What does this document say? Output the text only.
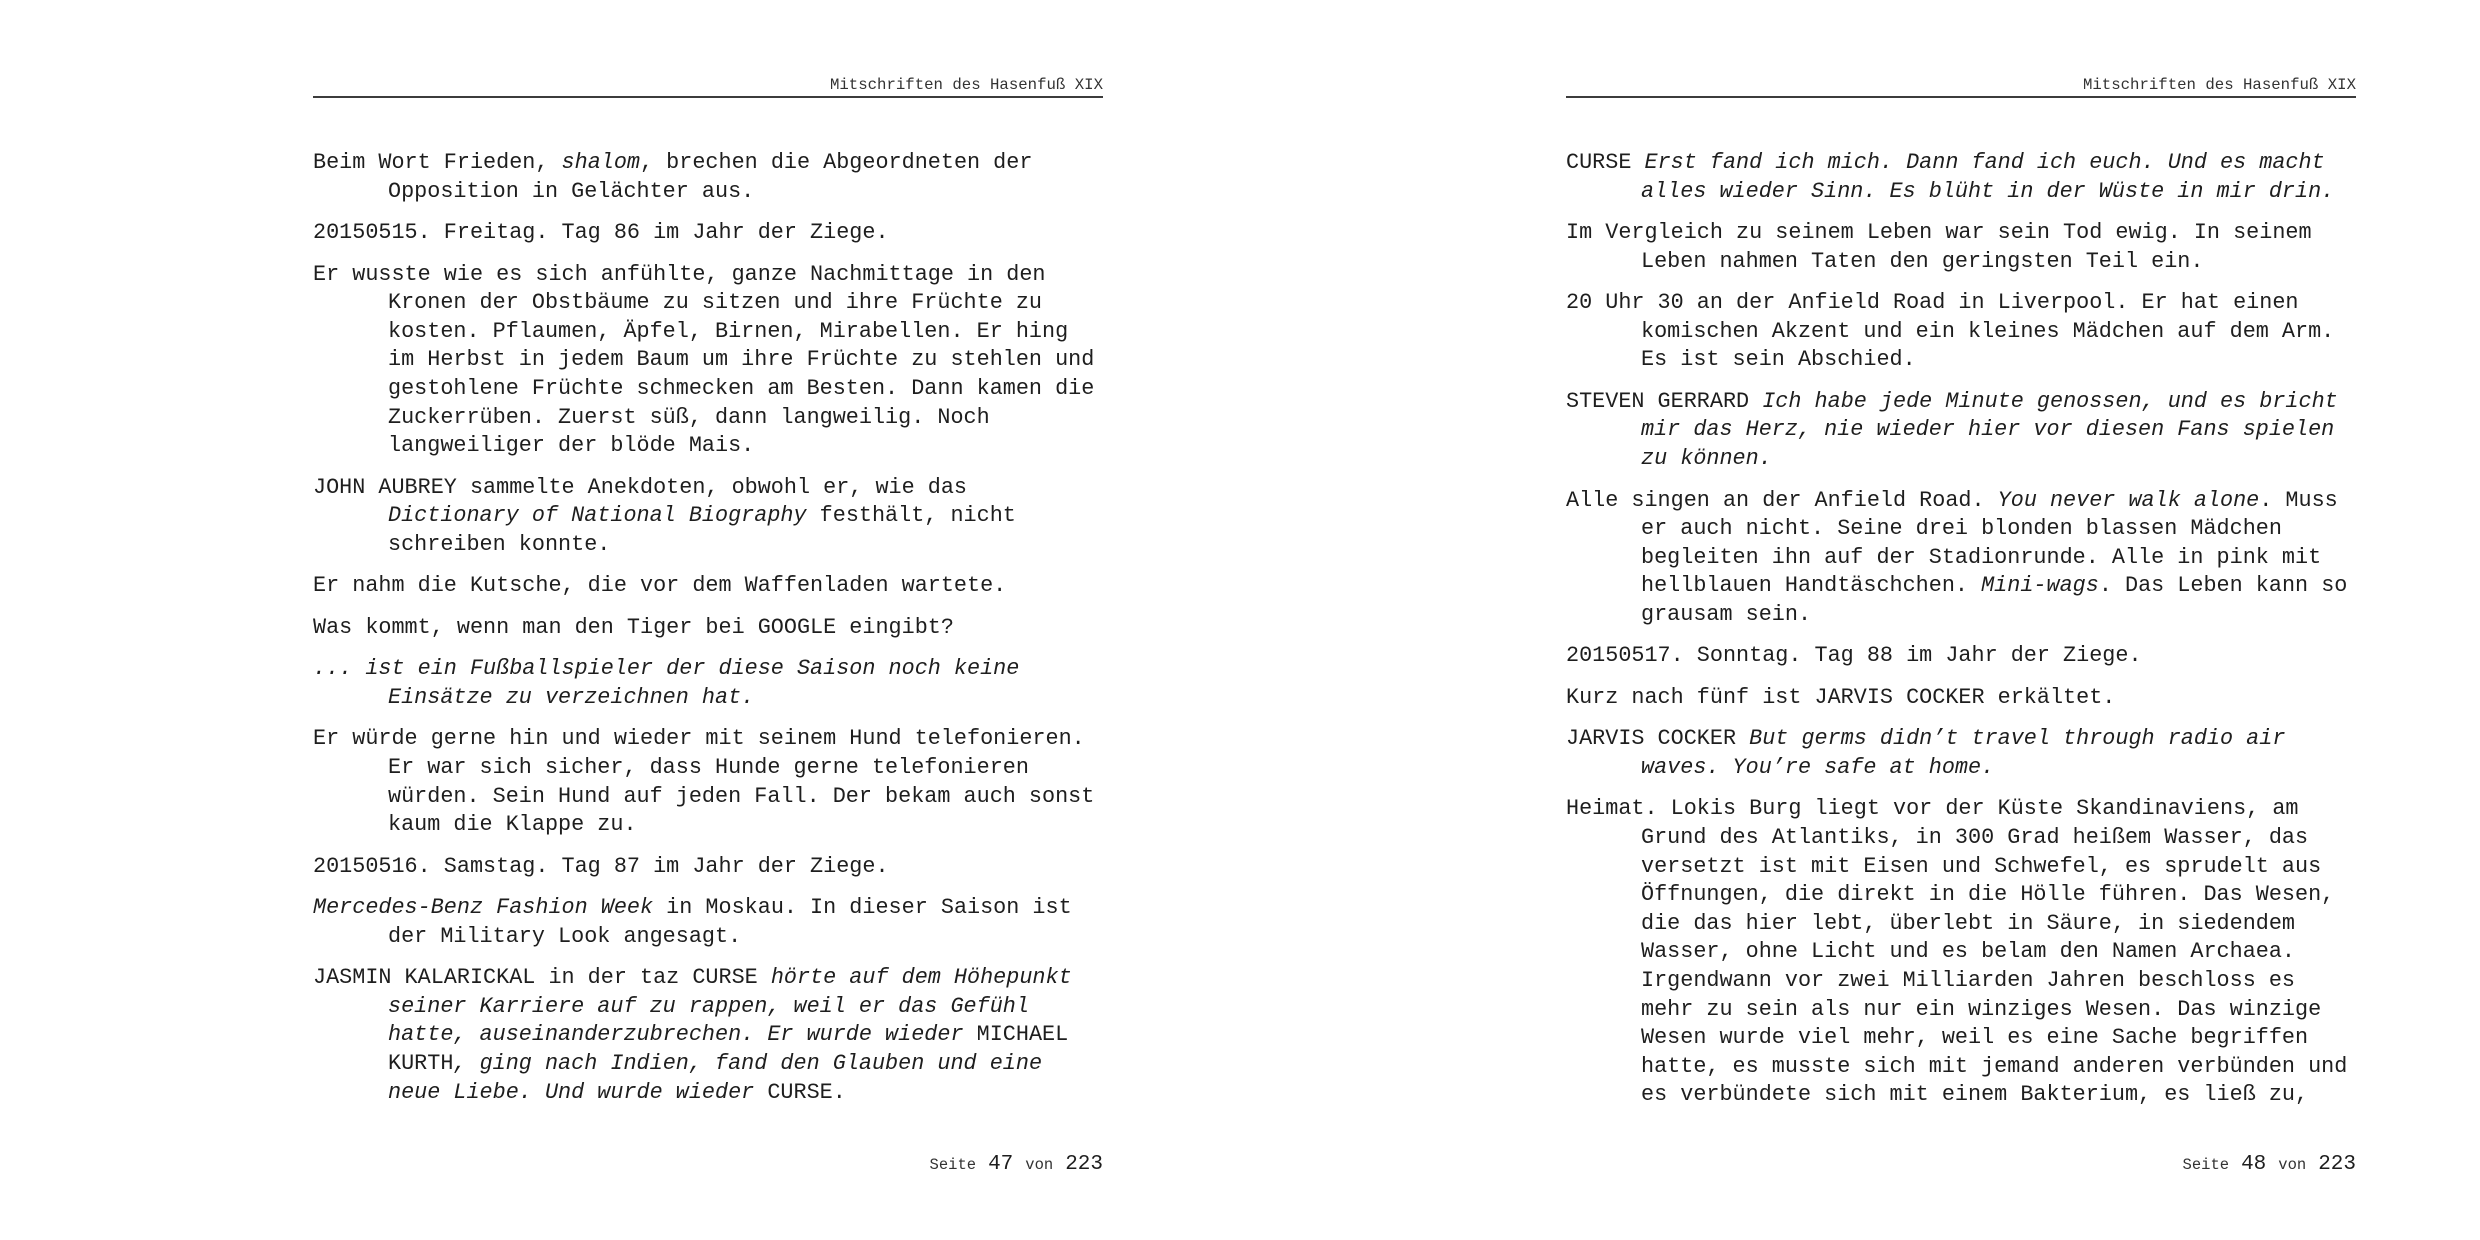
Mitschriften des Hasenfuß XIX
Beim Wort Frieden, shalom, brechen die Abgeordneten der
Opposition in Gelächter aus.
20150515. Freitag. Tag 86 im Jahr der Ziege.
Er wusste wie es sich anfühlte, ganze Nachmittage in den
Kronen der Obstbäume zu sitzen und ihre Früchte zu
kosten. Pflaumen, Äpfel, Birnen, Mirabellen. Er hing
im Herbst in jedem Baum um ihre Früchte zu stehlen und
gestohlene Früchte schmecken am Besten. Dann kamen die
Zuckerrüben. Zuerst süß, dann langweilig. Noch
langweiliger der blöde Mais.
JOHN AUBREY sammelte Anekdoten, obwohl er, wie das
Dictionary of National Biography festhält, nicht
schreiben konnte.
Er nahm die Kutsche, die vor dem Waffenladen wartete.
Was kommt, wenn man den Tiger bei GOOGLE eingibt?
... ist ein Fußballspieler der diese Saison noch keine
Einsätze zu verzeichnen hat.
Er würde gerne hin und wieder mit seinem Hund telefonieren.
Er war sich sicher, dass Hunde gerne telefonieren
würden. Sein Hund auf jeden Fall. Der bekam auch sonst
kaum die Klappe zu.
20150516. Samstag. Tag 87 im Jahr der Ziege.
Mercedes-Benz Fashion Week in Moskau. In dieser Saison ist
der Military Look angesagt.
JASMIN KALARICKAL in der taz CURSE hörte auf dem Höhepunkt
seiner Karriere auf zu rappen, weil er das Gefühl
hatte, auseinanderzubrechen. Er wurde wieder MICHAEL
KURTH, ging nach Indien, fand den Glauben und eine
neue Liebe. Und wurde wieder CURSE.
Seite 47 von 223
Mitschriften des Hasenfuß XIX
CURSE Erst fand ich mich. Dann fand ich euch. Und es macht
alles wieder Sinn. Es blüht in der Wüste in mir drin.
Im Vergleich zu seinem Leben war sein Tod ewig. In seinem
Leben nahmen Taten den geringsten Teil ein.
20 Uhr 30 an der Anfield Road in Liverpool. Er hat einen
komischen Akzent und ein kleines Mädchen auf dem Arm.
Es ist sein Abschied.
STEVEN GERRARD Ich habe jede Minute genossen, und es bricht
mir das Herz, nie wieder hier vor diesen Fans spielen
zu können.
Alle singen an der Anfield Road. You never walk alone. Muss
er auch nicht. Seine drei blonden blassen Mädchen
begleiten ihn auf der Stadionrunde. Alle in pink mit
hellblauen Handtäschchen. Mini-wags. Das Leben kann so
grausam sein.
20150517. Sonntag. Tag 88 im Jahr der Ziege.
Kurz nach fünf ist JARVIS COCKER erkältet.
JARVIS COCKER But germs didn’t travel through radio air
waves. You’re safe at home.
Heimat. Lokis Burg liegt vor der Küste Skandinaviens, am
Grund des Atlantiks, in 300 Grad heißem Wasser, das
versetzt ist mit Eisen und Schwefel, es sprudelt aus
Öffnungen, die direkt in die Hölle führen. Das Wesen,
die das hier lebt, überlebt in Säure, in siedendem
Wasser, ohne Licht und es belam den Namen Archaea.
Irgendwann vor zwei Milliarden Jahren beschloss es
mehr zu sein als nur ein winziges Wesen. Das winzige
Wesen wurde viel mehr, weil es eine Sache begriffen
hatte, es musste sich mit jemand anderen verbünden und
es verbündete sich mit einem Bakterium, es ließ zu,
Seite 48 von 223
